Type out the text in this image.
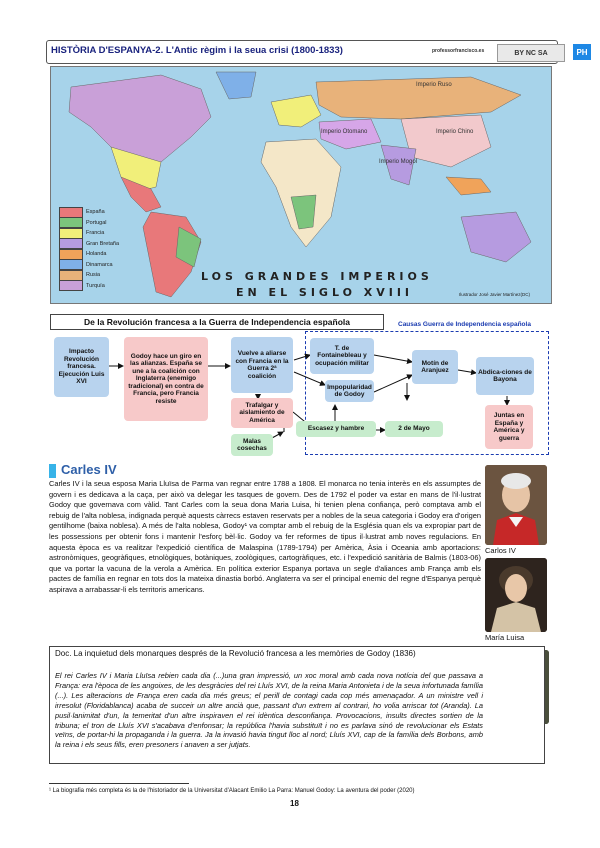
HISTÒRIA D'ESPANYA-2. L'Antic règim i la seua crisi (1800-1833)	professorfrancisco.es	BY NC SA	PH
Imperio Ruso
Imperio Chino
Imperio Mogol
Imperio Otomano
España
Portugal
Francia
Gran Bretaña
Holanda
Dinamarca
Rusia
Turquía
LOS GRANDES IMPERIOS
EN EL SIGLO XVIII	Ilustrador José Javier Martínez(DC)
De la Revolución francesa a la Guerra de Independencia española	Causas Guerra de Independencia española
Impacto Revolución francesa. Ejecución Luis XVI
Godoy hace un giro en las alianzas. España se une a la coalición con Inglaterra (enemigo tradicional) en contra de Francia, pero Francia resiste
Vuelve a aliarse con Francia en la Guerra 2ª coalición
Trafalgar y aislamiento de América
Malas cosechas
T. de Fontainebleau y ocupación militar
Impopularidad de Godoy
Escasez y hambre
Motín de Aranjuez
2 de Mayo
Abdica-ciones de Bayona
Juntas en España y América y guerra
Carles IV
Carles IV i la seua esposa Maria Lluïsa de Parma van regnar entre 1788 a 1808. El monarca no tenia interès en els assumptes de govern i es dedicava a la caça, per això va delegar les tasques de govern. Des de 1792 el poder va estar en mans de l'il·lustrat Godoy que governava com vàlid. Tant Carles com la seua dona Maria Luisa, hi tenien plena confiança, però comptava amb el rebuig de l'alta noblesa, indignada perquè aquests càrrecs estaven reservats per a nobles de la seua categoria i Godoy era d'origen gentilhome (baixa noblesa). A més de l'alta noblesa, Godoy¹ va comptar amb el rebuig de la Església quan els va expropiar part de les possessions per obtenir fons i mantenir l'esforç bèl·lic. Godoy va fer reformes de tipus il·lustrat amb noves regulacions. En aquesta època es va realitzar l'expedició científica de Malaspina (1789-1794) per Amèrica, Àsia i Oceania amb aportacions: astronòmiques, geogràfiques, etnològiques, botàniques, zoològiques, cartogràfiques, etc. i l'expedició sanitària de Balmis (1803-06) que va portar la vacuna de la verola a Amèrica. En política exterior Espanya portava un segle d'aliances amb França amb els pactes de família en regnar en tots dos la mateixa dinastia borbó. Anglaterra va ser el principal enemic del regne d'Espanya perquè aspirava a arrabassar-li els territoris americans.
Carlos IV
María Luisa
Doc. La inquietud dels monarques després de la Revolució francesa a les memòries de Godoy (1836)
El rei Carles IV i Maria Lluïsa rebien cada dia (...)una gran impressió, un xoc moral amb cada nova notícia del que passava a França: era l'època de les angoixes, de les desgràcies del rei Lluís XVI, de la reina Maria Antonieta i de la seua infortunada família (...). Les alteracions de França eren cada dia més greus; el perill de contagi cada cop més amenaçador. A un ministre vell i irresolut (Floridablanca) acaba de succeir un altre ancià que, passant d'un extrem al contrari, ho volia arriscar tot (Aranda). La pusil·lanimitat d'un, la temeritat d'un altre inspiraven el rei idèntica desconfiança. Provocacions, insults directes sortien de la tribuna; el tron de Lluís XVI s'acabava d'enfonsar; la república l'havia substituït i no es parlava sinó de revolucionar els Estats veïns, de portar-hi la propaganda i la guerra. Ja la invasió havia tingut lloc al nord; Lluís XVI, cap de la família dels Borbons, amb la reina i els seus fills, eren presoners i anaven a ser jutjats.
¹ La biografia més completa és la de l'historiador de la Universitat d'Alacant Emilio La Parra: Manuel Godoy: La aventura del poder (2020)
18
